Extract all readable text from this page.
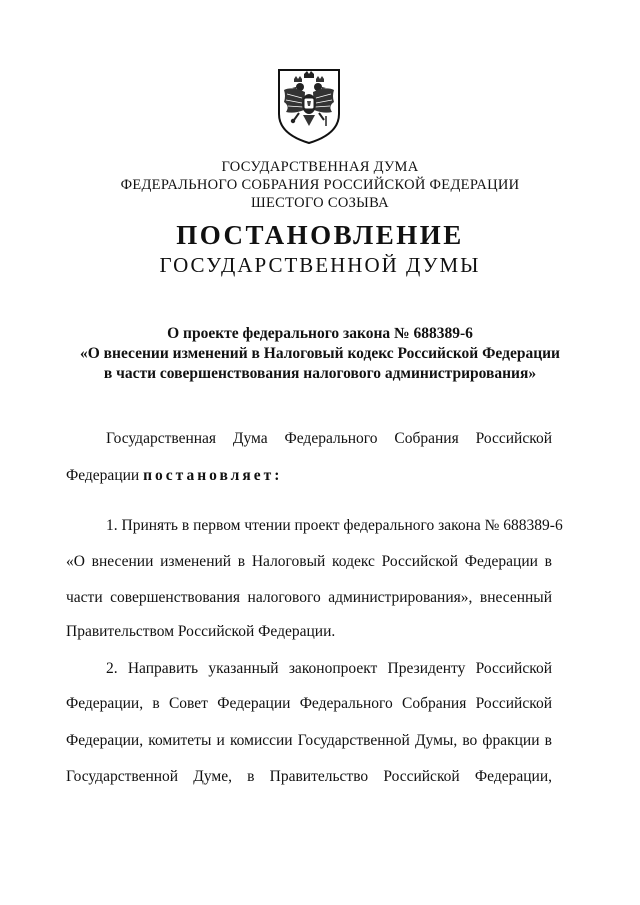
ГОСУДАРСТВЕННАЯ ДУМА
ФЕДЕРАЛЬНОГО СОБРАНИЯ РОССИЙСКОЙ ФЕДЕРАЦИИ
ШЕСТОГО СОЗЫВА
ПОСТАНОВЛЕНИЕ
ГОСУДАРСТВЕННОЙ ДУМЫ
О проекте федерального закона № 688389-6
«О внесении изменений в Налоговый кодекс Российской Федерации
в части совершенствования налогового администрирования»
Государственная Дума Федерального Собрания Российской
Федерации постановляет:
1. Принять в первом чтении проект федерального закона № 688389-6
«О внесении изменений в Налоговый кодекс Российской Федерации в
части совершенствования налогового администрирования», внесенный
Правительством Российской Федерации.
2. Направить указанный законопроект Президенту Российской
Федерации, в Совет Федерации Федерального Собрания Российской
Федерации, комитеты и комиссии Государственной Думы, во фракции в
Государственной Думе, в Правительство Российской Федерации,
